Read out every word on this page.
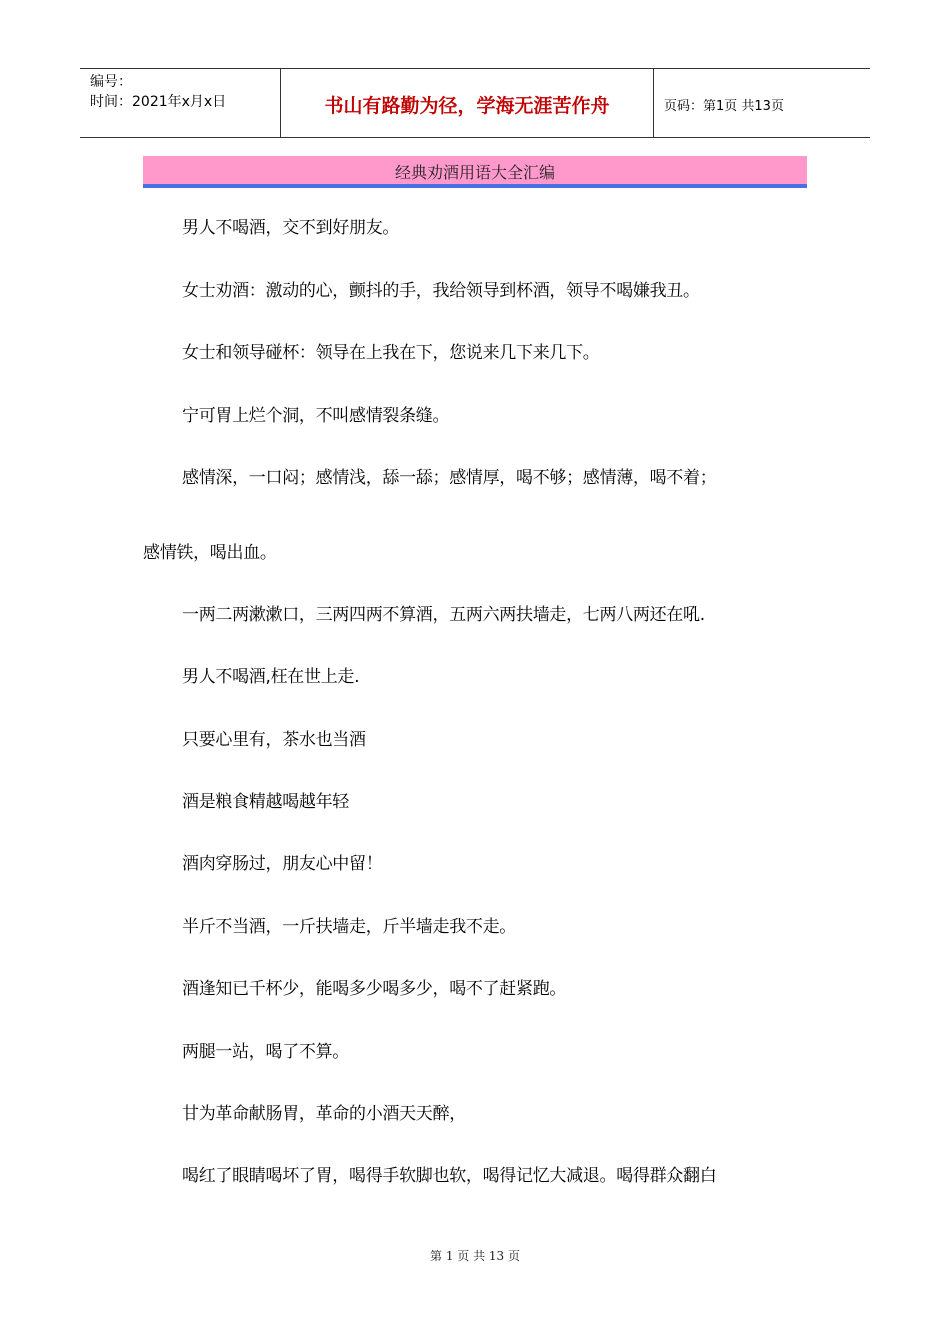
编号：
时间：2021年x月x日	书山有路勤为径，学海无涯苦作舟	页码：第1页 共13页
经典劝酒用语大全汇编
男人不喝酒，交不到好朋友。
女士劝酒：激动的心，颤抖的手，我给领导到杯酒，领导不喝嫌我丑。
女士和领导碰杯：领导在上我在下，您说来几下来几下。
宁可胃上烂个洞，不叫感情裂条缝。
感情深，一口闷；感情浅，舔一舔；感情厚，喝不够；感情薄，喝不着；
感情铁，喝出血。
一两二两漱漱口，三两四两不算酒，五两六两扶墙走，七两八两还在吼.
男人不喝酒,枉在世上走.
只要心里有，茶水也当酒
酒是粮食精越喝越年轻
酒肉穿肠过，朋友心中留！
半斤不当酒，一斤扶墙走，斤半墙走我不走。
酒逢知已千杯少，能喝多少喝多少，喝不了赶紧跑。
两腿一站，喝了不算。
甘为革命献肠胃，革命的小酒天天醉，
喝红了眼睛喝坏了胃，喝得手软脚也软，喝得记忆大减退。喝得群众翻白
第 1 页 共 13 页
